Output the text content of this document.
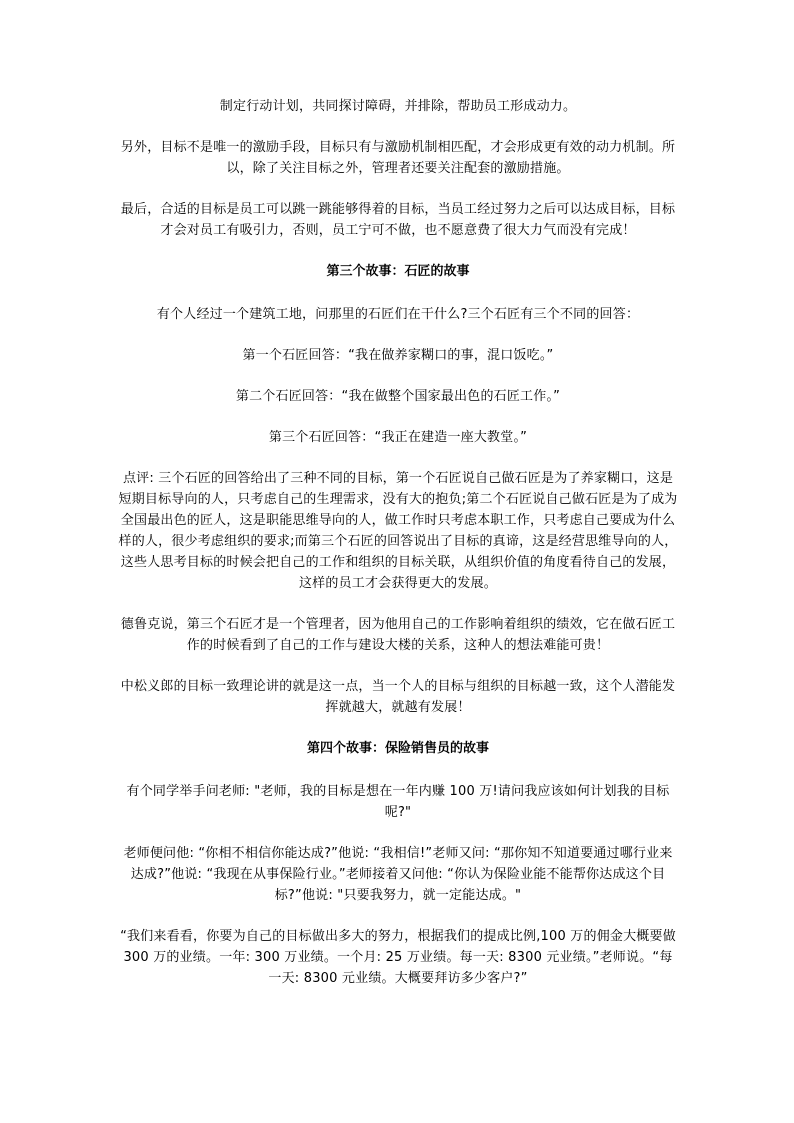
制定行动计划，共同探讨障碍，并排除，帮助员工形成动力。

另外，目标不是唯一的激励手段，目标只有与激励机制相匹配，才会形成更有效的动力机制。所以，除了关注目标之外，管理者还要关注配套的激励措施。

最后，合适的目标是员工可以跳一跳能够得着的目标，当员工经过努力之后可以达成目标，目标才会对员工有吸引力，否则，员工宁可不做，也不愿意费了很大力气而没有完成！

第三个故事：石匠的故事

有个人经过一个建筑工地，问那里的石匠们在干什么?三个石匠有三个不同的回答：

第一个石匠回答：“我在做养家糊口的事，混口饭吃。”

第二个石匠回答：“我在做整个国家最出色的石匠工作。”

第三个石匠回答：“我正在建造一座大教堂。”

点评: 三个石匠的回答给出了三种不同的目标，第一个石匠说自己做石匠是为了养家糊口，这是短期目标导向的人，只考虑自己的生理需求，没有大的抱负;第二个石匠说自己做石匠是为了成为全国最出色的匠人，这是职能思维导向的人，做工作时只考虑本职工作，只考虑自己要成为什么样的人，很少考虑组织的要求;而第三个石匠的回答说出了目标的真谛，这是经营思维导向的人，这些人思考目标的时候会把自己的工作和组织的目标关联，从组织价值的角度看待自己的发展，这样的员工才会获得更大的发展。

德鲁克说，第三个石匠才是一个管理者，因为他用自己的工作影响着组织的绩效，它在做石匠工作的时候看到了自己的工作与建设大楼的关系，这种人的想法难能可贵！

中松义郎的目标一致理论讲的就是这一点，当一个人的目标与组织的目标越一致，这个人潜能发挥就越大，就越有发展！

第四个故事：保险销售员的故事

有个同学举手问老师: "老师，我的目标是想在一年内赚 100 万!请问我应该如何计划我的目标呢?"

老师便问他: “你相不相信你能达成?”他说: “我相信!”老师又问: “那你知不知道要通过哪行业来达成?”他说: “我现在从事保险行业。”老师接着又问他: “你认为保险业能不能帮你达成这个目标?”他说: "只要我努力，就一定能达成。"

“我们来看看，你要为自己的目标做出多大的努力，根据我们的提成比例,100 万的佣金大概要做 300 万的业绩。一年: 300 万业绩。一个月: 25 万业绩。每一天: 8300 元业绩。”老师说。“每一天: 8300 元业绩。大概要拜访多少客户?”
